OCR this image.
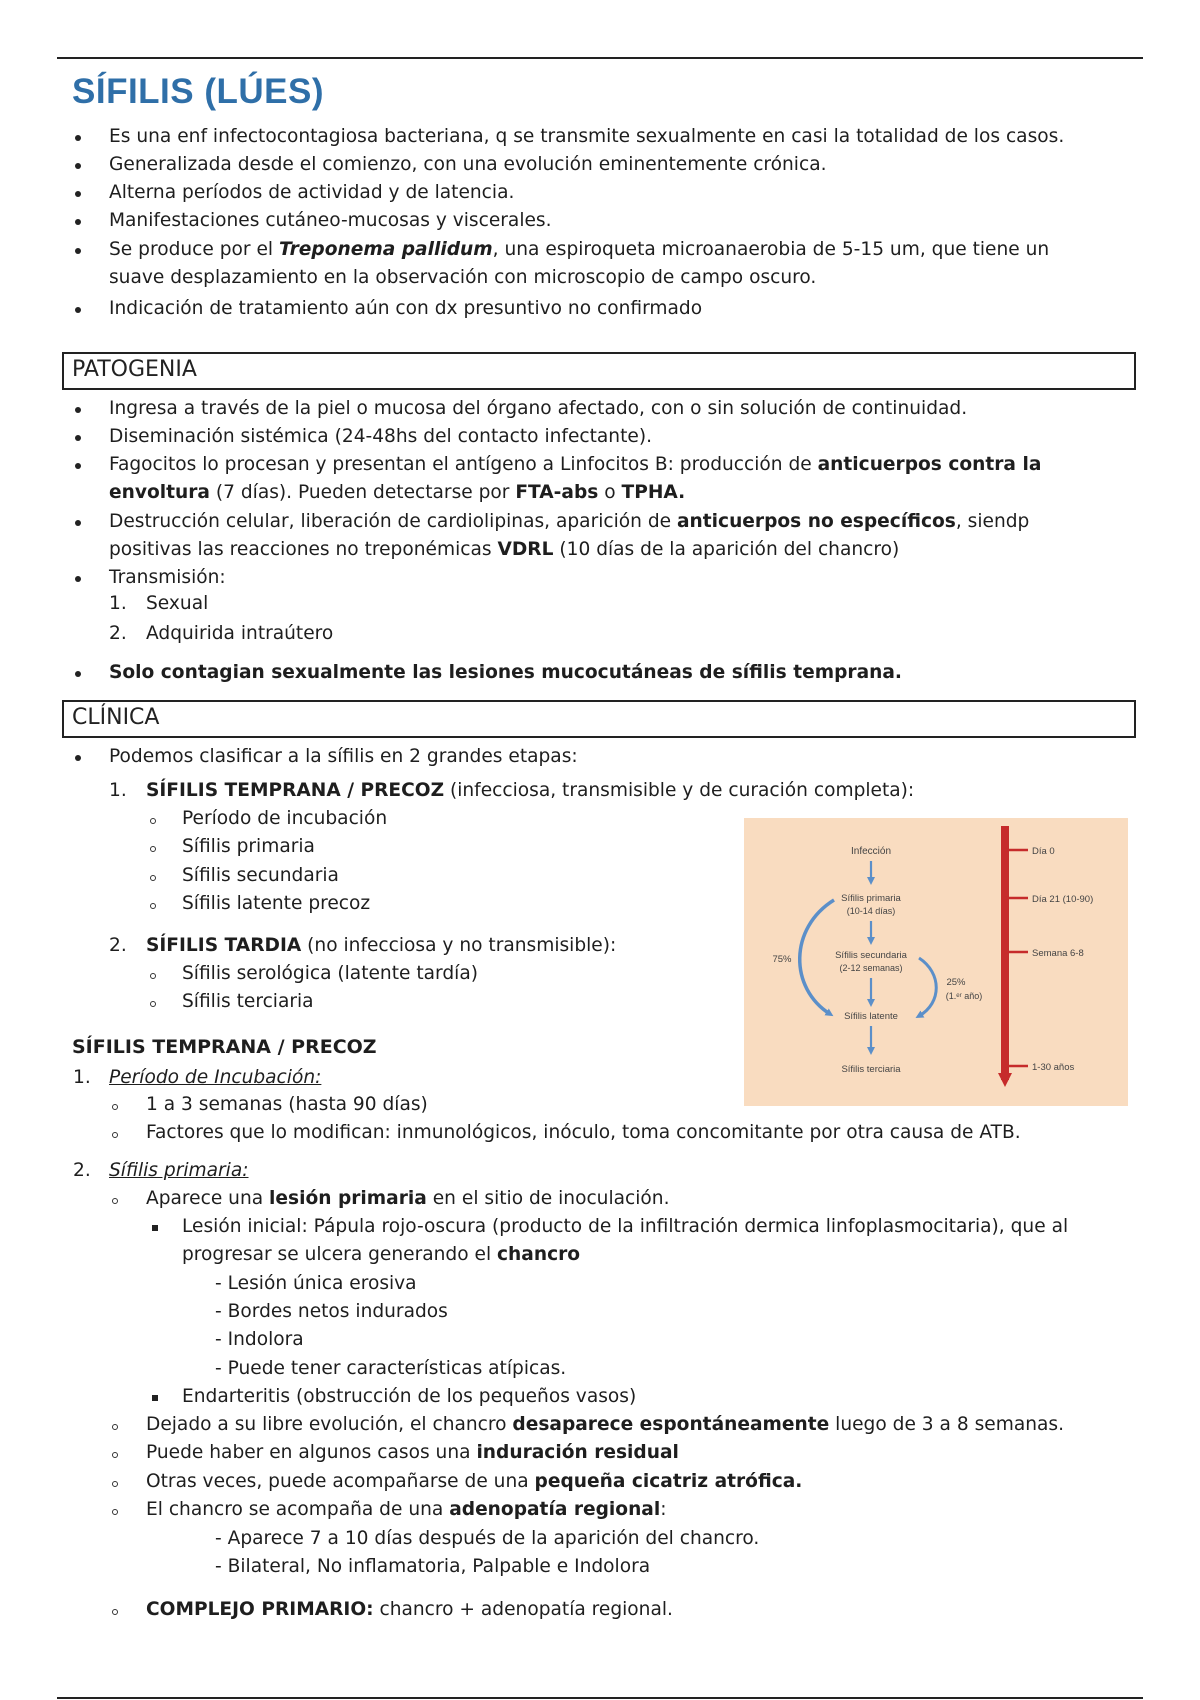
SÍFILIS (LÚES)
Es una enf infectocontagiosa bacteriana, q se transmite sexualmente en casi la totalidad de los casos.
Generalizada desde el comienzo, con una evolución eminentemente crónica.
Alterna períodos de actividad y de latencia.
Manifestaciones cutáneo-mucosas y viscerales.
Se produce por el Treponema pallidum, una espiroqueta microanaerobia de 5-15 um, que tiene un
suave desplazamiento en la observación con microscopio de campo oscuro.
Indicación de tratamiento aún con dx presuntivo no confirmado
PATOGENIA
Ingresa a través de la piel o mucosa del órgano afectado, con o sin solución de continuidad.
Diseminación sistémica (24-48hs del contacto infectante).
Fagocitos lo procesan y presentan el antígeno a Linfocitos B: producción de anticuerpos contra la
envoltura (7 días). Pueden detectarse por FTA-abs o TPHA.
Destrucción celular, liberación de cardiolipinas, aparición de anticuerpos no específicos, siendp
positivas las reacciones no treponémicas VDRL (10 días de la aparición del chancro)
Transmisión:
1. Sexual
2. Adquirida intraútero
Solo contagian sexualmente las lesiones mucocutáneas de sífilis temprana.
CLÍNICA
Podemos clasificar a la sífilis en 2 grandes etapas:
1. SÍFILIS TEMPRANA / PRECOZ (infecciosa, transmisible y de curación completa):
Período de incubación
Sífilis primaria
Sífilis secundaria
Sífilis latente precoz
2. SÍFILIS TARDIA (no infecciosa y no transmisible):
Sífilis serológica (latente tardía)
Sífilis terciaria
Infección
Sífilis primaria
(10-14 días)
Sífilis secundaria
(2-12 semanas)
Sífilis latente
Sífilis terciaria
75%
25%
(1.ᵉʳ año)
Día 0
Día 21 (10-90)
Semana 6-8
1-30 años
SÍFILIS TEMPRANA / PRECOZ
1. Período de Incubación:
1 a 3 semanas (hasta 90 días)
Factores que lo modifican: inmunológicos, inóculo, toma concomitante por otra causa de ATB.
2. Sífilis primaria:
Aparece una lesión primaria en el sitio de inoculación.
Lesión inicial: Pápula rojo-oscura (producto de la infiltración dermica linfoplasmocitaria), que al
progresar se ulcera generando el chancro
- Lesión única erosiva
- Bordes netos indurados
- Indolora
- Puede tener características atípicas.
Endarteritis (obstrucción de los pequeños vasos)
Dejado a su libre evolución, el chancro desaparece espontáneamente luego de 3 a 8 semanas.
Puede haber en algunos casos una induración residual
Otras veces, puede acompañarse de una pequeña cicatriz atrófica.
El chancro se acompaña de una adenopatía regional:
- Aparece 7 a 10 días después de la aparición del chancro.
- Bilateral, No inflamatoria, Palpable e Indolora
COMPLEJO PRIMARIO: chancro + adenopatía regional.
